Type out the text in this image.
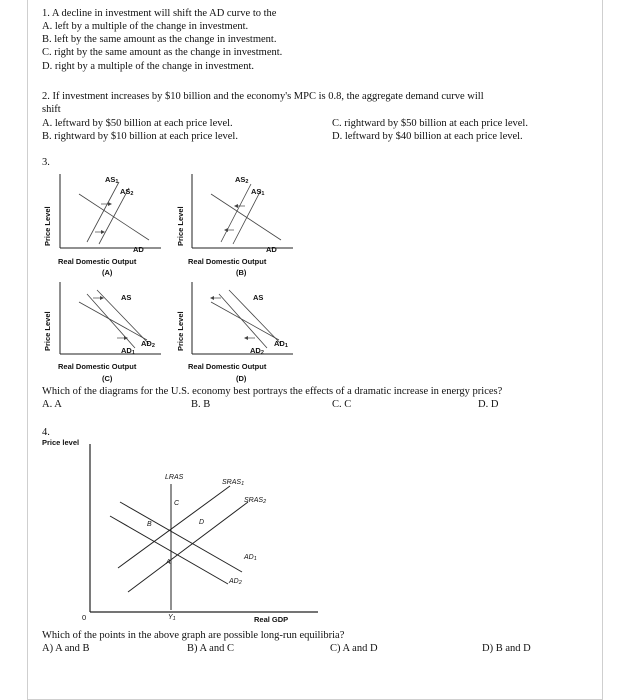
1. A decline in investment will shift the AD curve to the
A. left by a multiple of the change in investment.
B. left by the same amount as the change in investment.
C. right by the same amount as the change in investment.
D. right by a multiple of the change in investment.
2. If investment increases by $10 billion and the economy's MPC is 0.8, the aggregate demand curve will
shift
A. leftward by $50 billion at each price level.
B. rightward by $10 billion at each price level.
C. rightward by $50 billion at each price level.
D. leftward by $40 billion at each price level.
3.
Price Level
AS1
AS2
AD
Real Domestic Output
(A)
Price Level
AS2
AS1
AD
Real Domestic Output
(B)
Price Level
AS
AD1
AD2
Real Domestic Output
(C)
Price Level
AS
AD1
AD2
Real Domestic Output
(D)
Which of the diagrams for the U.S. economy best portrays the effects of a dramatic increase in energy prices?
A. A	B. B	C. C	D. D
4.
Price level
LRAS
SRAS1
SRAS2
AD1
AD2
A
B
C
D
0	Y1	Real GDP
Which of the points in the above graph are possible long-run equilibria?
A) A and B	B) A and C	C) A and D	D) B and D
